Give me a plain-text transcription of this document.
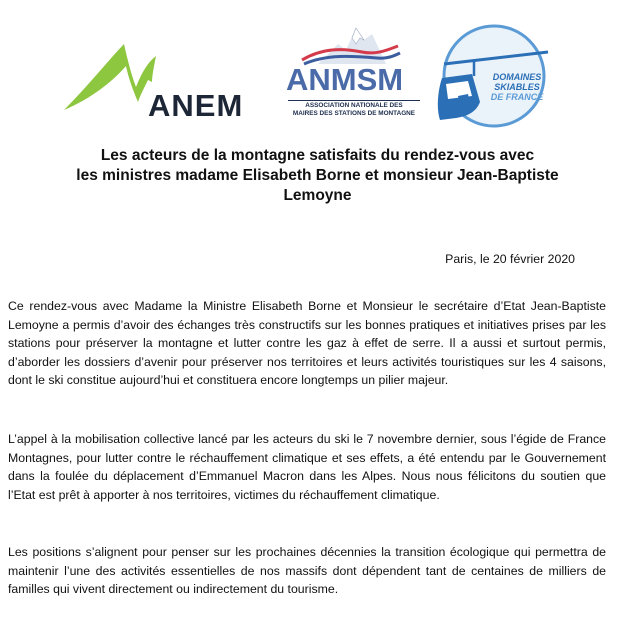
ANEM
ANMSM
ASSOCIATION NATIONALE DES
MAIRES DES STATIONS DE MONTAGNE
DOMAINES
SKIABLES
DE FRANCE
Les acteurs de la montagne satisfaits du rendez-vous avec
les ministres madame Elisabeth Borne et monsieur Jean-Baptiste
Lemoyne
Paris, le 20 février 2020

Ce rendez-vous avec Madame la Ministre Elisabeth Borne et Monsieur le secrétaire d’Etat Jean-Baptiste Lemoyne a permis d’avoir des échanges très constructifs sur les bonnes pratiques et initiatives prises par les stations pour préserver la montagne et lutter contre les gaz à effet de serre. Il a aussi et surtout permis, d’aborder les dossiers d’avenir pour préserver nos territoires et leurs activités touristiques sur les 4 saisons, dont le ski constitue aujourd’hui et constituera encore longtemps un pilier majeur.

L’appel à la mobilisation collective lancé par les acteurs du ski le 7 novembre dernier, sous l’égide de France Montagnes, pour lutter contre le réchauffement climatique et ses effets, a été entendu par le Gouvernement dans la foulée du déplacement d’Emmanuel Macron dans les Alpes. Nous nous félicitons du soutien que l’Etat est prêt à apporter à nos territoires, victimes du réchauffement climatique.

Les positions s’alignent pour penser sur les prochaines décennies la transition écologique qui permettra de maintenir l’une des activités essentielles de nos massifs dont dépendent tant de centaines de milliers de familles qui vivent directement ou indirectement du tourisme.
